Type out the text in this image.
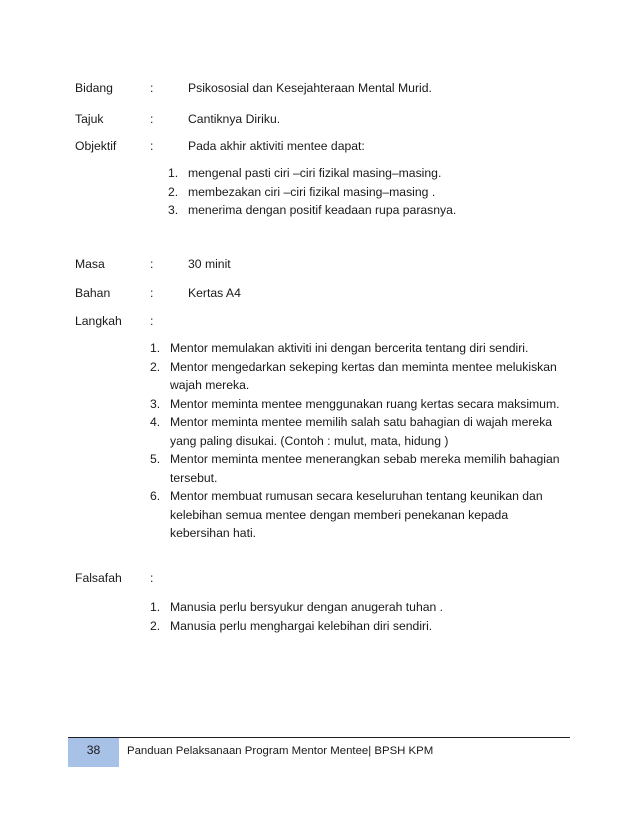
Bidang	:	Psikososial dan Kesejahteraan Mental Murid.
Tajuk	:	Cantiknya Diriku.
Objektif	:	Pada akhir aktiviti mentee dapat:
1. mengenal pasti ciri –ciri fizikal masing–masing.
2. membezakan ciri –ciri fizikal masing–masing .
3. menerima dengan positif keadaan rupa parasnya.
Masa	:	30 minit
Bahan	:	Kertas A4
Langkah :
1. Mentor memulakan aktiviti ini dengan bercerita tentang diri sendiri.
2. Mentor mengedarkan sekeping kertas dan meminta mentee melukiskan wajah mereka.
3. Mentor meminta mentee menggunakan ruang kertas secara maksimum.
4. Mentor meminta mentee memilih salah satu bahagian di wajah mereka yang paling disukai. (Contoh : mulut, mata, hidung )
5. Mentor meminta mentee menerangkan sebab mereka memilih bahagian tersebut.
6. Mentor membuat rumusan secara keseluruhan tentang keunikan dan kelebihan semua mentee dengan memberi penekanan kepada kebersihan hati.
Falsafah :
1. Manusia perlu bersyukur dengan anugerah tuhan .
2. Manusia perlu menghargai kelebihan diri sendiri.
38	Panduan Pelaksanaan Program Mentor Mentee| BPSH KPM
